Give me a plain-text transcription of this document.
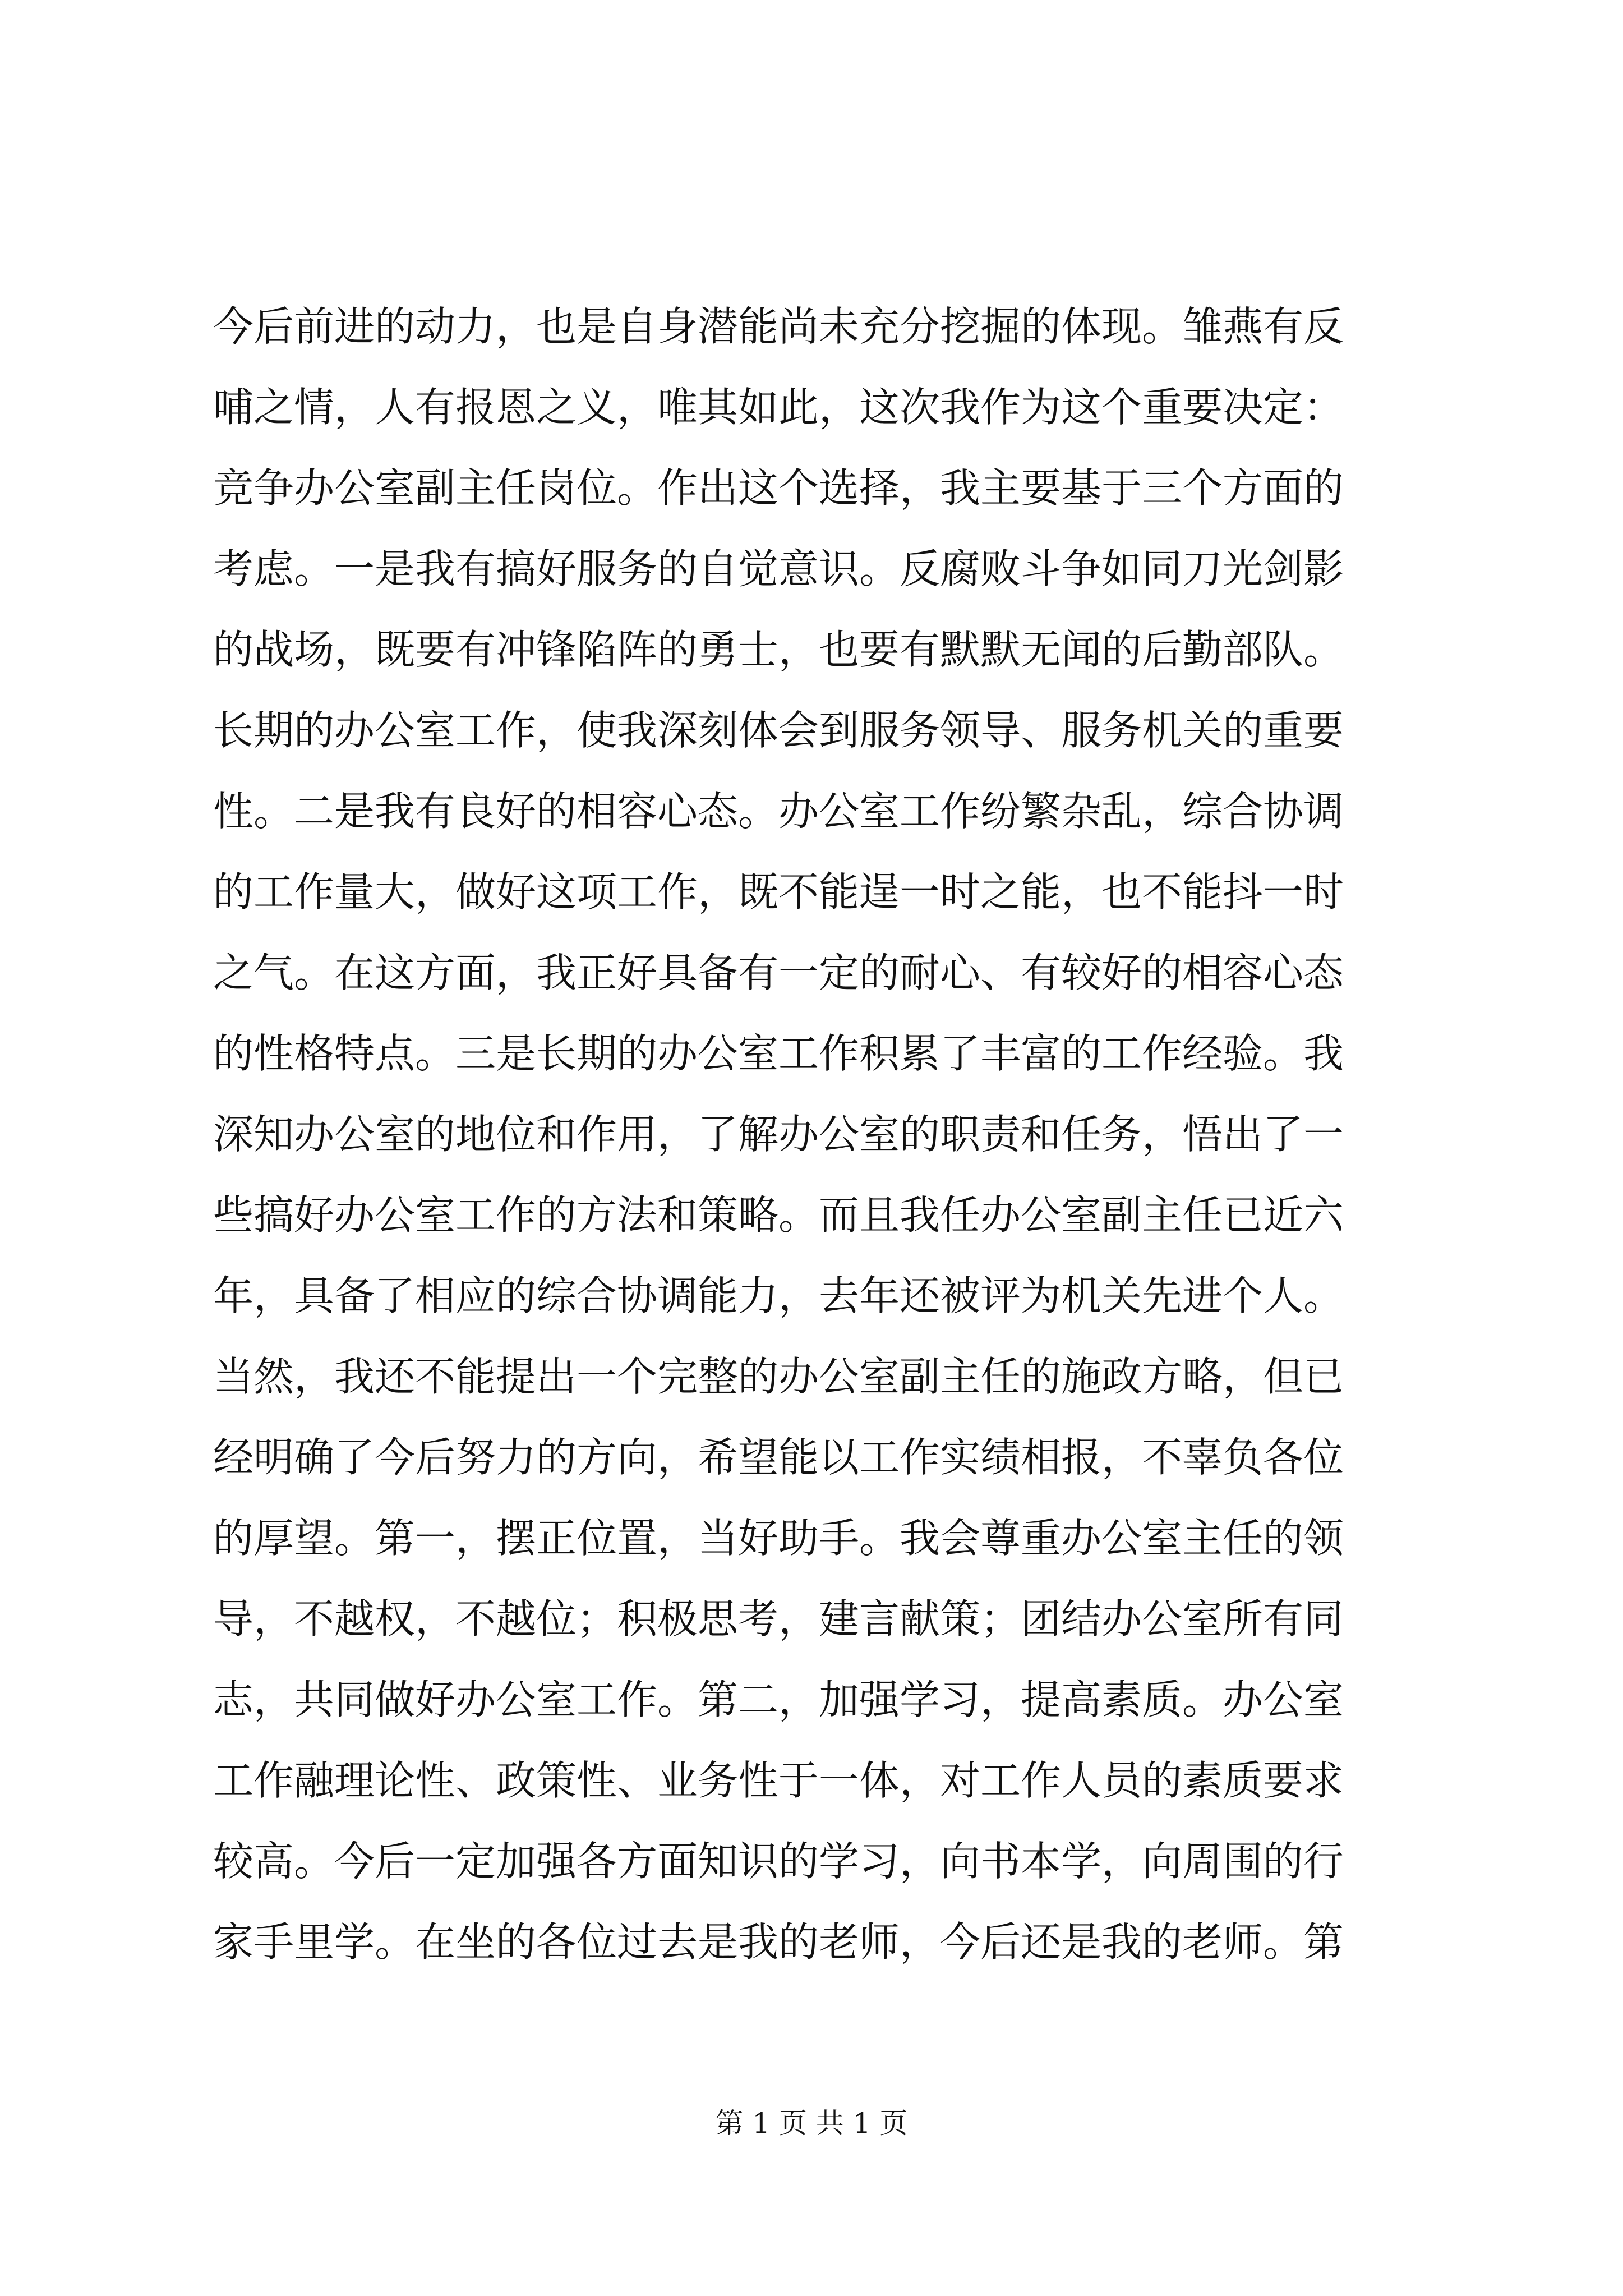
今后前进的动力，也是自身潜能尚未充分挖掘的体现。雏燕有反
哺之情，人有报恩之义，唯其如此，这次我作为这个重要决定：
竞争办公室副主任岗位。作出这个选择，我主要基于三个方面的
考虑。一是我有搞好服务的自觉意识。反腐败斗争如同刀光剑影
的战场，既要有冲锋陷阵的勇士，也要有默默无闻的后勤部队。
长期的办公室工作，使我深刻体会到服务领导、服务机关的重要
性。二是我有良好的相容心态。办公室工作纷繁杂乱，综合协调
的工作量大，做好这项工作，既不能逞一时之能，也不能抖一时
之气。在这方面，我正好具备有一定的耐心、有较好的相容心态
的性格特点。三是长期的办公室工作积累了丰富的工作经验。我
深知办公室的地位和作用，了解办公室的职责和任务，悟出了一
些搞好办公室工作的方法和策略。而且我任办公室副主任已近六
年，具备了相应的综合协调能力，去年还被评为机关先进个人。
当然，我还不能提出一个完整的办公室副主任的施政方略，但已
经明确了今后努力的方向，希望能以工作实绩相报，不辜负各位
的厚望。第一，摆正位置，当好助手。我会尊重办公室主任的领
导，不越权，不越位；积极思考，建言献策；团结办公室所有同
志，共同做好办公室工作。第二，加强学习，提高素质。办公室
工作融理论性、政策性、业务性于一体，对工作人员的素质要求
较高。今后一定加强各方面知识的学习，向书本学，向周围的行
家手里学。在坐的各位过去是我的老师，今后还是我的老师。第
第 1 页 共 1 页
